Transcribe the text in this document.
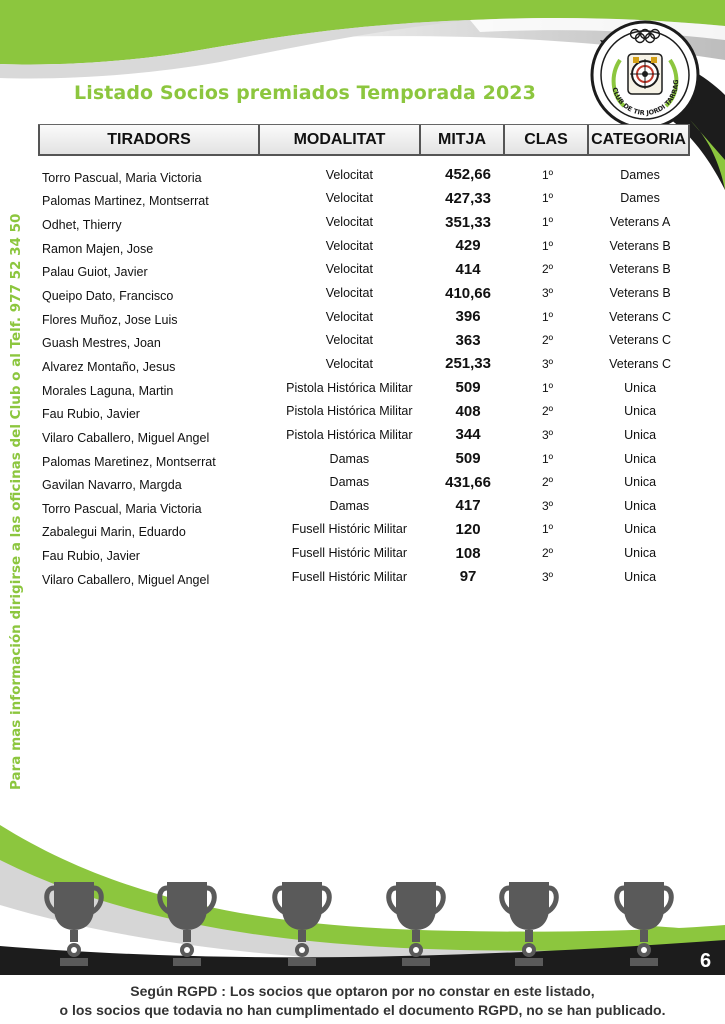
CLUB DE TIR JORDI TARRAG
Listado Socios premiados Temporada 2023
Para mas información dirigirse a las oficinas del Club o al Telf. 977 52 34 50
TIRADORS	MODALITAT	MITJA	CLAS	CATEGORIA
Torro Pascual, Maria Victoria	Velocitat	452,66	1º	Dames
Palomas Martinez, Montserrat	Velocitat	427,33	1º	Dames
Odhet, Thierry	Velocitat	351,33	1º	Veterans A
Ramon Majen, Jose	Velocitat	429	1º	Veterans B
Palau Guiot, Javier	Velocitat	414	2º	Veterans B
Queipo Dato, Francisco	Velocitat	410,66	3º	Veterans B
Flores Muñoz, Jose Luis	Velocitat	396	1º	Veterans C
Guash Mestres, Joan	Velocitat	363	2º	Veterans C
Alvarez Montaño, Jesus	Velocitat	251,33	3º	Veterans C
Morales Laguna, Martin	Pistola Histórica Militar	509	1º	Unica
Fau Rubio, Javier	Pistola Histórica Militar	408	2º	Unica
Vilaro Caballero, Miguel Angel	Pistola Histórica Militar	344	3º	Unica
Palomas Maretinez, Montserrat	Damas	509	1º	Unica
Gavilan Navarro, Margda	Damas	431,66	2º	Unica
Torro Pascual, Maria Victoria	Damas	417	3º	Unica
Zabalegui Marin, Eduardo	Fusell Históric Militar	120	1º	Unica
Fau Rubio, Javier	Fusell Históric Militar	108	2º	Unica
Vilaro Caballero, Miguel Angel	Fusell Históric Militar	97	3º	Unica

6

Según RGPD : Los socios que optaron por no constar en este listado,

o los socios que todavia no han cumplimentado el documento RGPD, no se han publicado.
